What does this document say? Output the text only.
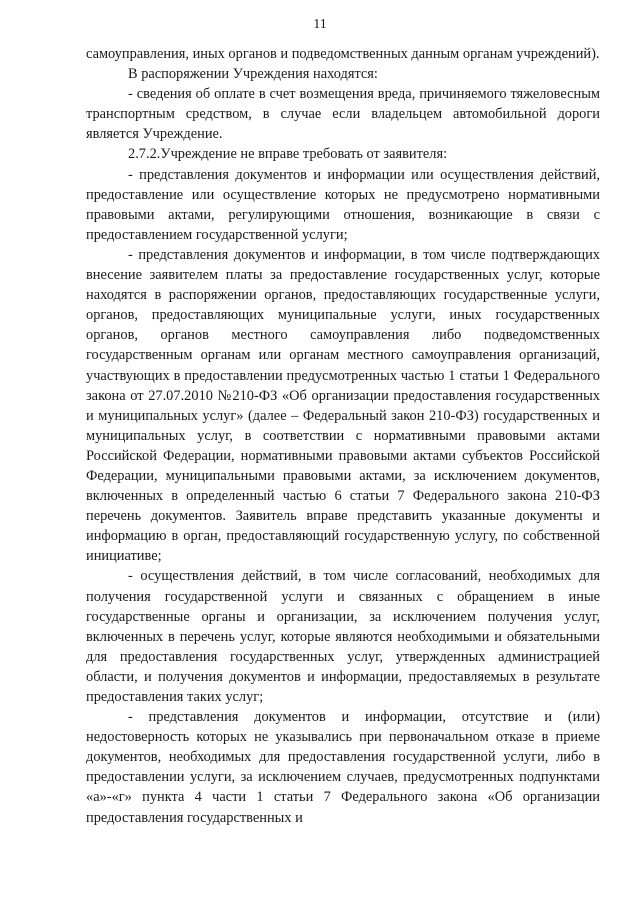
11

самоуправления, иных органов и подведомственных данным органам учреждений).

В распоряжении Учреждения находятся:

- сведения об оплате в счет возмещения вреда, причиняемого тяжеловесным транспортным средством, в случае если владельцем автомобильной дороги является Учреждение.

2.7.2.Учреждение не вправе требовать от заявителя:

- представления документов и информации или осуществления действий, предоставление или осуществление которых не предусмотрено нормативными правовыми актами, регулирующими отношения, возникающие в связи с предоставлением государственной услуги;

- представления документов и информации, в том числе подтверждающих внесение заявителем платы за предоставление государственных услуг, которые находятся в распоряжении органов, предоставляющих государственные услуги, органов, предоставляющих муниципальные услуги, иных государственных органов, органов местного самоуправления либо подведомственных государственным органам или органам местного самоуправления организаций, участвующих в предоставлении предусмотренных частью 1 статьи 1 Федерального закона от 27.07.2010 №210-ФЗ «Об организации предоставления государственных и муниципальных услуг» (далее – Федеральный закон 210-ФЗ) государственных и муниципальных услуг, в соответствии с нормативными правовыми актами Российской Федерации, нормативными правовыми актами субъектов Российской Федерации, муниципальными правовыми актами, за исключением документов, включенных в определенный частью 6 статьи 7 Федерального закона 210-ФЗ перечень документов. Заявитель вправе представить указанные документы и информацию в орган, предоставляющий государственную услугу, по собственной инициативе;

- осуществления действий, в том числе согласований, необходимых для получения государственной услуги и связанных с обращением в иные государственные органы и организации, за исключением получения услуг, включенных в перечень услуг, которые являются необходимыми и обязательными для предоставления государственных услуг, утвержденных администрацией области, и получения документов и информации, предоставляемых в результате предоставления таких услуг;

- представления документов и информации, отсутствие и (или) недостоверность которых не указывались при первоначальном отказе в приеме документов, необходимых для предоставления государственной услуги, либо в предоставлении услуги, за исключением случаев, предусмотренных подпунктами «а»-«г» пункта 4 части 1 статьи 7 Федерального закона «Об организации предоставления государственных и
